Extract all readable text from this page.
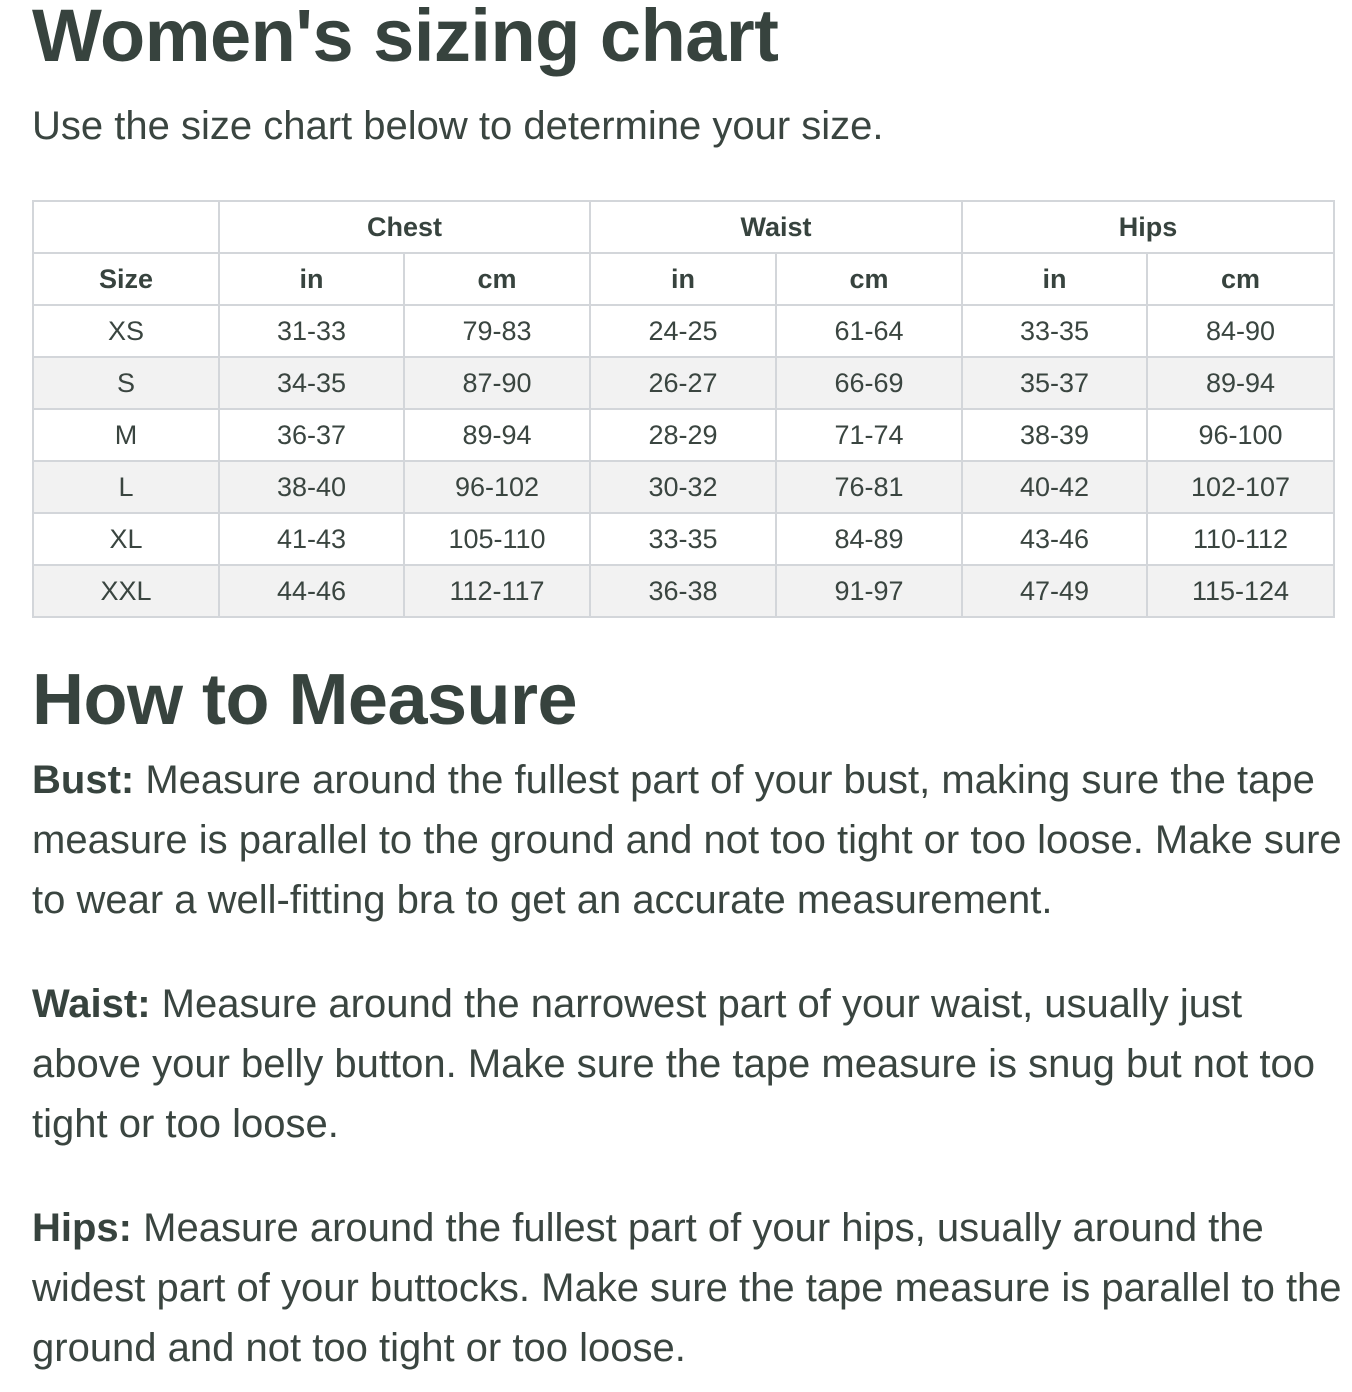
Women's sizing chart

Use the size chart below to determine your size.

	Chest		Waist		Hips	
Size	in	cm	in	cm	in	cm
XS	31-33	79-83	24-25	61-64	33-35	84-90
S	34-35	87-90	26-27	66-69	35-37	89-94
M	36-37	89-94	28-29	71-74	38-39	96-100
L	38-40	96-102	30-32	76-81	40-42	102-107
XL	41-43	105-110	33-35	84-89	43-46	110-112
XXL	44-46	112-117	36-38	91-97	47-49	115-124
How to Measure

Bust: Measure around the fullest part of your bust, making sure the tape measure is parallel to the ground and not too tight or too loose. Make sure to wear a well-fitting bra to get an accurate measurement.

Waist: Measure around the narrowest part of your waist, usually just above your belly button. Make sure the tape measure is snug but not too tight or too loose.

Hips: Measure around the fullest part of your hips, usually around the widest part of your buttocks. Make sure the tape measure is parallel to the ground and not too tight or too loose.
